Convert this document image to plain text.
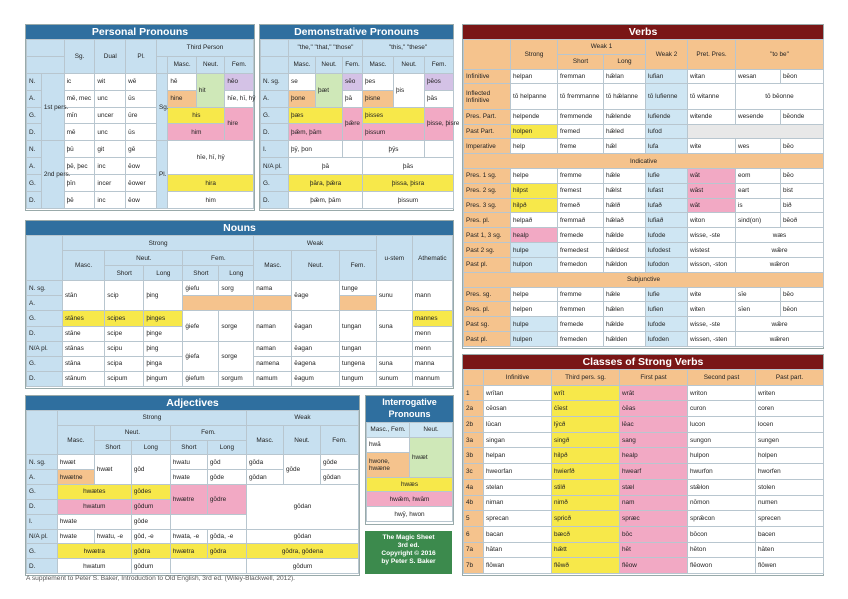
Personal Pronouns
		Sg.	Dual	Pl.	Third Person			
						Masc.	Neut.	Fem.
N.	1st pers.	ic	wit	wē	Sg.	hē	hit	hēo
A.		mē, mec	unc	ūs		hine		hīe, hī, hȳ
G.		mīn	uncer	ūre		his		hire
D.		mē	unc	ūs		him		
N.	2nd pers.	þū	git	gē	Pl.	hīe, hī, hȳ		
A.		þē, þec	inc	ēow				
G.		þīn	incer	ēower		hira		
D.		þē	inc	ēow		him		
Demonstrative Pronouns
	"the," "that," "those"			"this," "these"		
	Masc.	Neut.	Fem.	Masc.	Neut.	Fem.
N. sg.	se	þæt	sēo	þes	þis	þēos
A.	þone		þā	þisne		þās
G.	þæs		þǣre	þisses		þisse, þisre
D.	þǣm, þām			þissum		
I.	þȳ, þon			þȳs		
N/A pl.	þā			þās		
G.	þāra, þǣra			þissa, þisra		
D.	þǣm, þām			þissum		
Nouns
	Strong					Weak			u-stem	Athematic
	Masc.	Neut.		Fem.		Masc.	Neut.	Fem.		
		Short	Long	Short	Long					
N. sg.	stān	scip	þing	ġiefu	sorg	nama	ēage	tunge	sunu	mann
A.										
G.	stānes	scipes	þinges	ġiefe	sorge	naman	ēagan	tungan	suna	mannes
D.	stāne	scipe	þinge							menn
N/A pl.	stānas	scipu	þing	ġiefa	sorge	naman	ēagan	tungan		menn
G.	stāna	scipa	þinga			namena	ēagena	tungena	suna	manna
D.	stānum	scipum	þingum	ġiefum	sorgum	namum	ēagum	tungum	sunum	mannum
Adjectives
	Strong					Weak		
	Masc.	Neut.		Fem.		Masc.	Neut.	Fem.
		Short	Long	Short	Long			
N. sg.	hwæt	hwæt	gōd	hwatu	gōd	gōda	gōde	gōde
A.	hwætne			hwate	gōde	gōdan		gōdan
G.	hwætes		gōdes	hwætre	gōdre	gōdan		
D.	hwatum		gōdum					
I.	hwate		gōde					
N/A pl.	hwate	hwatu, -e	gōd, -e	hwata, -e	gōda, -e	gōdan		
G.	hwætra		gōdra	hwætra	gōdra	gōdra, gōdena		
D.	hwatum		gōdum			gōdum		
Interrogative Pronouns
Masc., Fem.	Neut.
hwā	hwæt
hwone, hwæne	
hwæs	
hwǣm, hwām	
hwȳ, hwon	
The Magic Sheet
3rd ed.
Copyright © 2016
by Peter S. Baker
A supplement to Peter S. Baker, Introduction to Old English, 3rd ed. (Wiley-Blackwell, 2012).
Verbs
	Strong	Weak 1		Weak 2	Pret. Pres.	"to be"	
		Short	Long				
Infinitive	helpan	fremman	hǣlan	lufian	witan	wesan	bēon
Inflected Infinitive	tō helpanne	tō fremmanne	tō hǣlanne	tō lufienne	tō witanne	tō bēonne	
Pres. Part.	helpende	fremmende	hǣlende	lufiende	witende	wesende	bēonde
Past Part.	holpen	fremed	hǣled	lufod			
Imperative	help	freme	hǣl	lufa	wite	wes	bēo
Indicative							
Pres. 1 sg.	helpe	fremme	hǣle	lufie	wāt	eom	bēo
Pres. 2 sg.	hilpst	fremest	hǣlst	lufast	wāst	eart	bist
Pres. 3 sg.	hilpð	fremeð	hǣlð	lufað	wāt	is	bið
Pres. pl.	helpað	fremmað	hǣlað	lufiað	witon	sind(on)	bēoð
Past 1, 3 sg.	healp	fremede	hǣlde	lufode	wisse, -ste	wæs	
Past 2 sg.	hulpe	fremedest	hǣldest	lufodest	wistest	wǣre	
Past pl.	hulpon	fremedon	hǣldon	lufodon	wisson, -ston	wǣron	
Subjunctive							
Pres. sg.	helpe	fremme	hǣle	lufie	wite	sīe	bēo
Pres. pl.	helpen	fremmen	hǣlen	lufien	witen	sīen	bēon
Past sg.	hulpe	fremede	hǣlde	lufode	wisse, -ste	wǣre	
Past pl.	hulpen	fremeden	hǣlden	lufoden	wissen, -sten	wǣren	
Classes of Strong Verbs
	Infinitive	Third pers. sg.	First past	Second past	Past part.
1	wrītan	wrīt	wrāt	writon	writen
2a	cēosan	ċīest	ċēas	curon	coren
2b	lūcan	lȳcð	lēac	lucon	locen
3a	singan	singð	sang	sungon	sungen
3b	helpan	hilpð	healp	hulpon	holpen
3c	hweorfan	hwierfð	hwearf	hwurfon	hworfen
4a	stelan	stilð	stæl	stǣlon	stolen
4b	niman	nimð	nam	nōmon	numen
5	sprecan	spricð	spræc	sprǣcon	sprecen
6	bacan	bæcð	bōc	bōcon	bacen
7a	hātan	hǣtt	hēt	hēton	hāten
7b	flōwan	flēwð	flēow	flēowon	flōwen
